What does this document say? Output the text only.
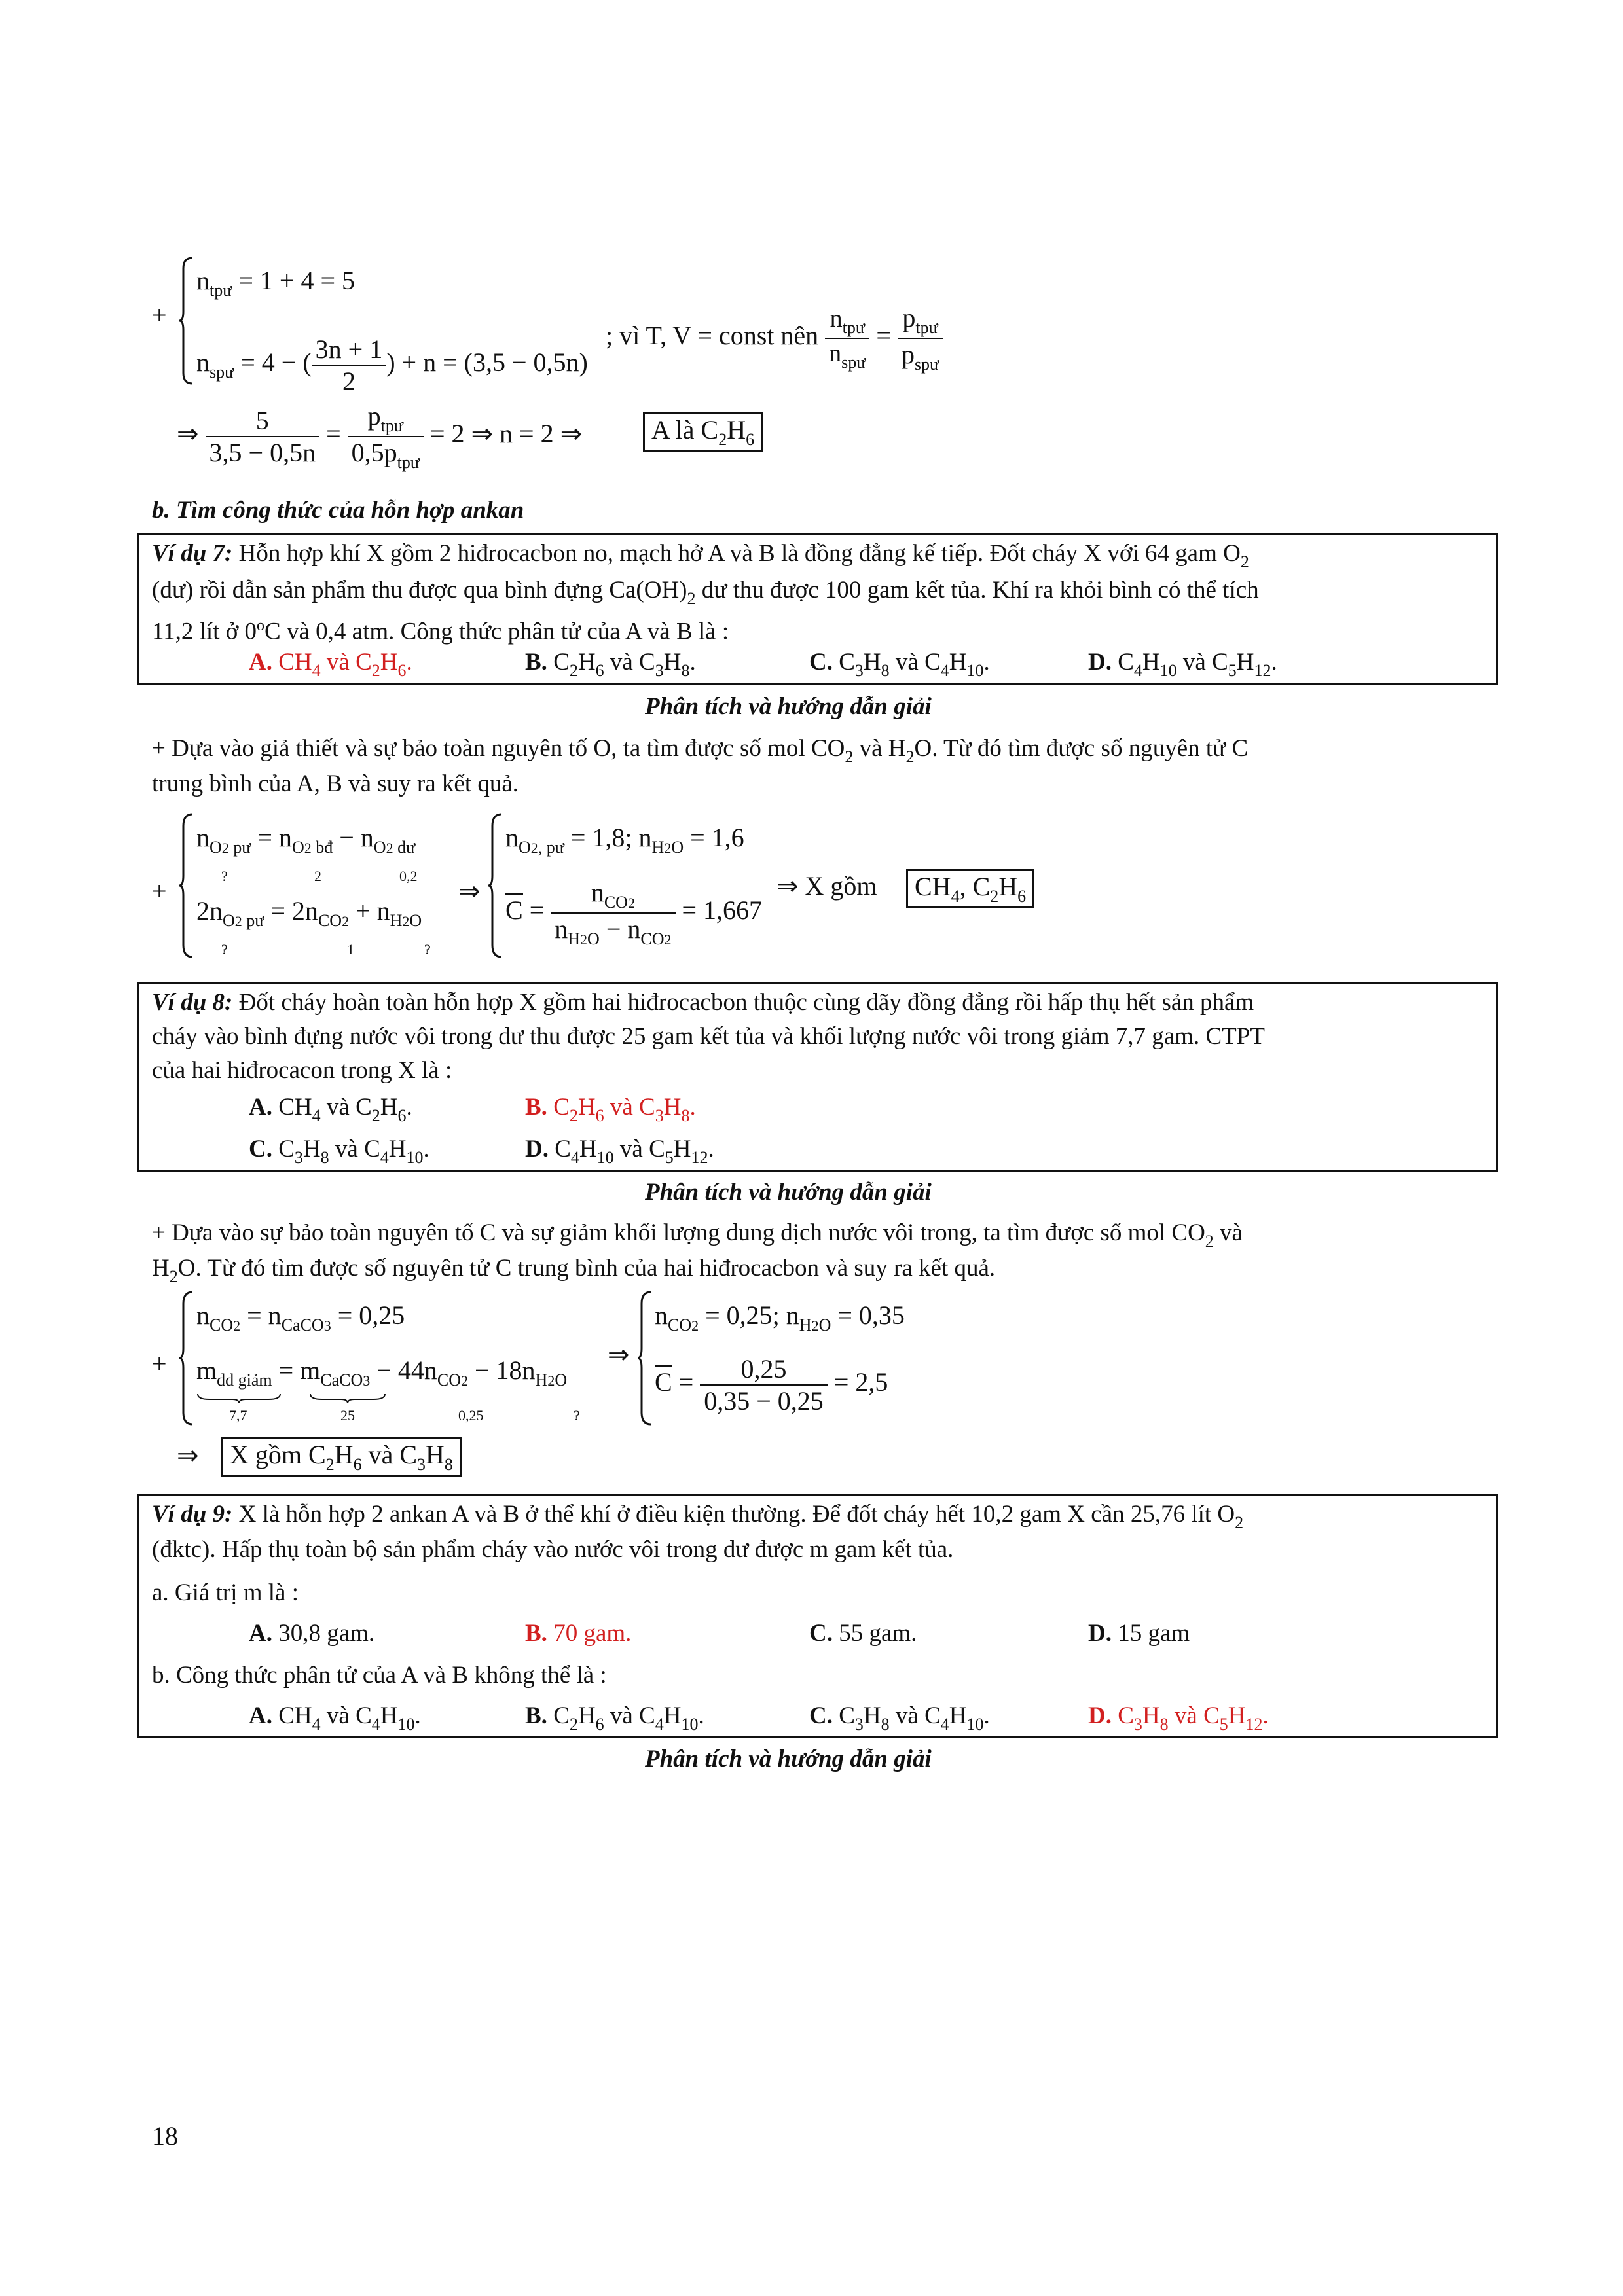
+
$n_{tpư} = 1 + 4 = 5$
$n_{spư} = 4$ − ( $\frac{3n + 1}{2}$ ) + n = (3,5 − 0,5n)
; vì T, V = const nên $\frac{n_{tpư}}{n_{spư}} = \frac{p_{tpư}}{p_{spư}}$
⇒ $\frac{5}{3,5 - 0,5n} = \frac{p_{tpư}}{0,5p_{tpư}} = 2$ ⇒ n = 2 ⇒	A là $C_2H_6$
b. Tìm công thức của hỗn hợp ankan
Ví dụ 7: Hỗn hợp khí X gồm 2 hiđrocacbon no, mạch hở A và B là đồng đẳng kế tiếp. Đốt cháy X với 64 gam $O_2$
(dư) rồi dẫn sản phẩm thu được qua bình đựng $Ca(OH)_2$ dư thu được 100 gam kết tủa. Khí ra khỏi bình có thể tích
11,2 lít ở 0$^o$C và 0,4 atm. Công thức phân tử của A và B là :
A. $CH_4$ và $C_2H_6$.	B. $C_2H_6$ và $C_3H_8$.	C. $C_3H_8$ và $C_4H_{10}$.	D. $C_4H_{10}$ và $C_5H_{12}$.
Phân tích và hướng dẫn giải
+ Dựa vào giả thiết và sự bảo toàn nguyên tố O, ta tìm được số mol $CO_2$ và $H_2O$. Từ đó tìm được số nguyên tử C
trung bình của A, B và suy ra kết quả.
+
$n_{O2 pư} = n_{O2 bđ} - n_{O2 dư}$
?	2	0,2
$2n_{O2 pư} = 2n_{CO2} + n_{H2O}$
?	1	?
⇒
$n_{O2, pư} = 1,8$; $n_{H2O} = 1,6$
$C = \frac{n_{CO2}}{n_{H2O} - n_{CO2}} = 1,667$
⇒ X gồm	$CH_4$, $C_2H_6$
Ví dụ 8: Đốt cháy hoàn toàn hỗn hợp X gồm hai hiđrocacbon thuộc cùng dãy đồng đẳng rồi hấp thụ hết sản phẩm
cháy vào bình đựng nước vôi trong dư thu được 25 gam kết tủa và khối lượng nước vôi trong giảm 7,7 gam. CTPT
của hai hiđrocacon trong X là :
A. $CH_4$ và $C_2H_6$.	B. $C_2H_6$ và $C_3H_8$.
C. $C_3H_8$ và $C_4H_{10}$.	D. $C_4H_{10}$ và $C_5H_{12}$.
Phân tích và hướng dẫn giải
+ Dựa vào sự bảo toàn nguyên tố C và sự giảm khối lượng dung dịch nước vôi trong, ta tìm được số mol $CO_2$ và
$H_2O$. Từ đó tìm được số nguyên tử C trung bình của hai hiđrocacbon và suy ra kết quả.
+
$n_{CO2} = n_{CaCO3} = 0,25$
$m_{dd giảm} = m_{CaCO3} - 44n_{CO2} - 18n_{H2O}$
7,7	25	0,25	?
⇒
$n_{CO2} = 0,25$; $n_{H2O} = 0,35$
$C = \frac{0,25}{0,35 - 0,25} = 2,5$
⇒	X gồm $C_2H_6$ và $C_3H_8$
Ví dụ 9: X là hỗn hợp 2 ankan A và B ở thể khí ở điều kiện thường. Để đốt cháy hết 10,2 gam X cần 25,76 lít $O_2$
(đktc). Hấp thụ toàn bộ sản phẩm cháy vào nước vôi trong dư được m gam kết tủa.
a. Giá trị m là :
A. 30,8 gam.	B. 70 gam.	C. 55 gam.	D. 15 gam
b. Công thức phân tử của A và B không thể là :
A. $CH_4$ và $C_4H_{10}$.	B. $C_2H_6$ và $C_4H_{10}$.	C. $C_3H_8$ và $C_4H_{10}$.	D. $C_3H_8$ và $C_5H_{12}$.
Phân tích và hướng dẫn giải
18
